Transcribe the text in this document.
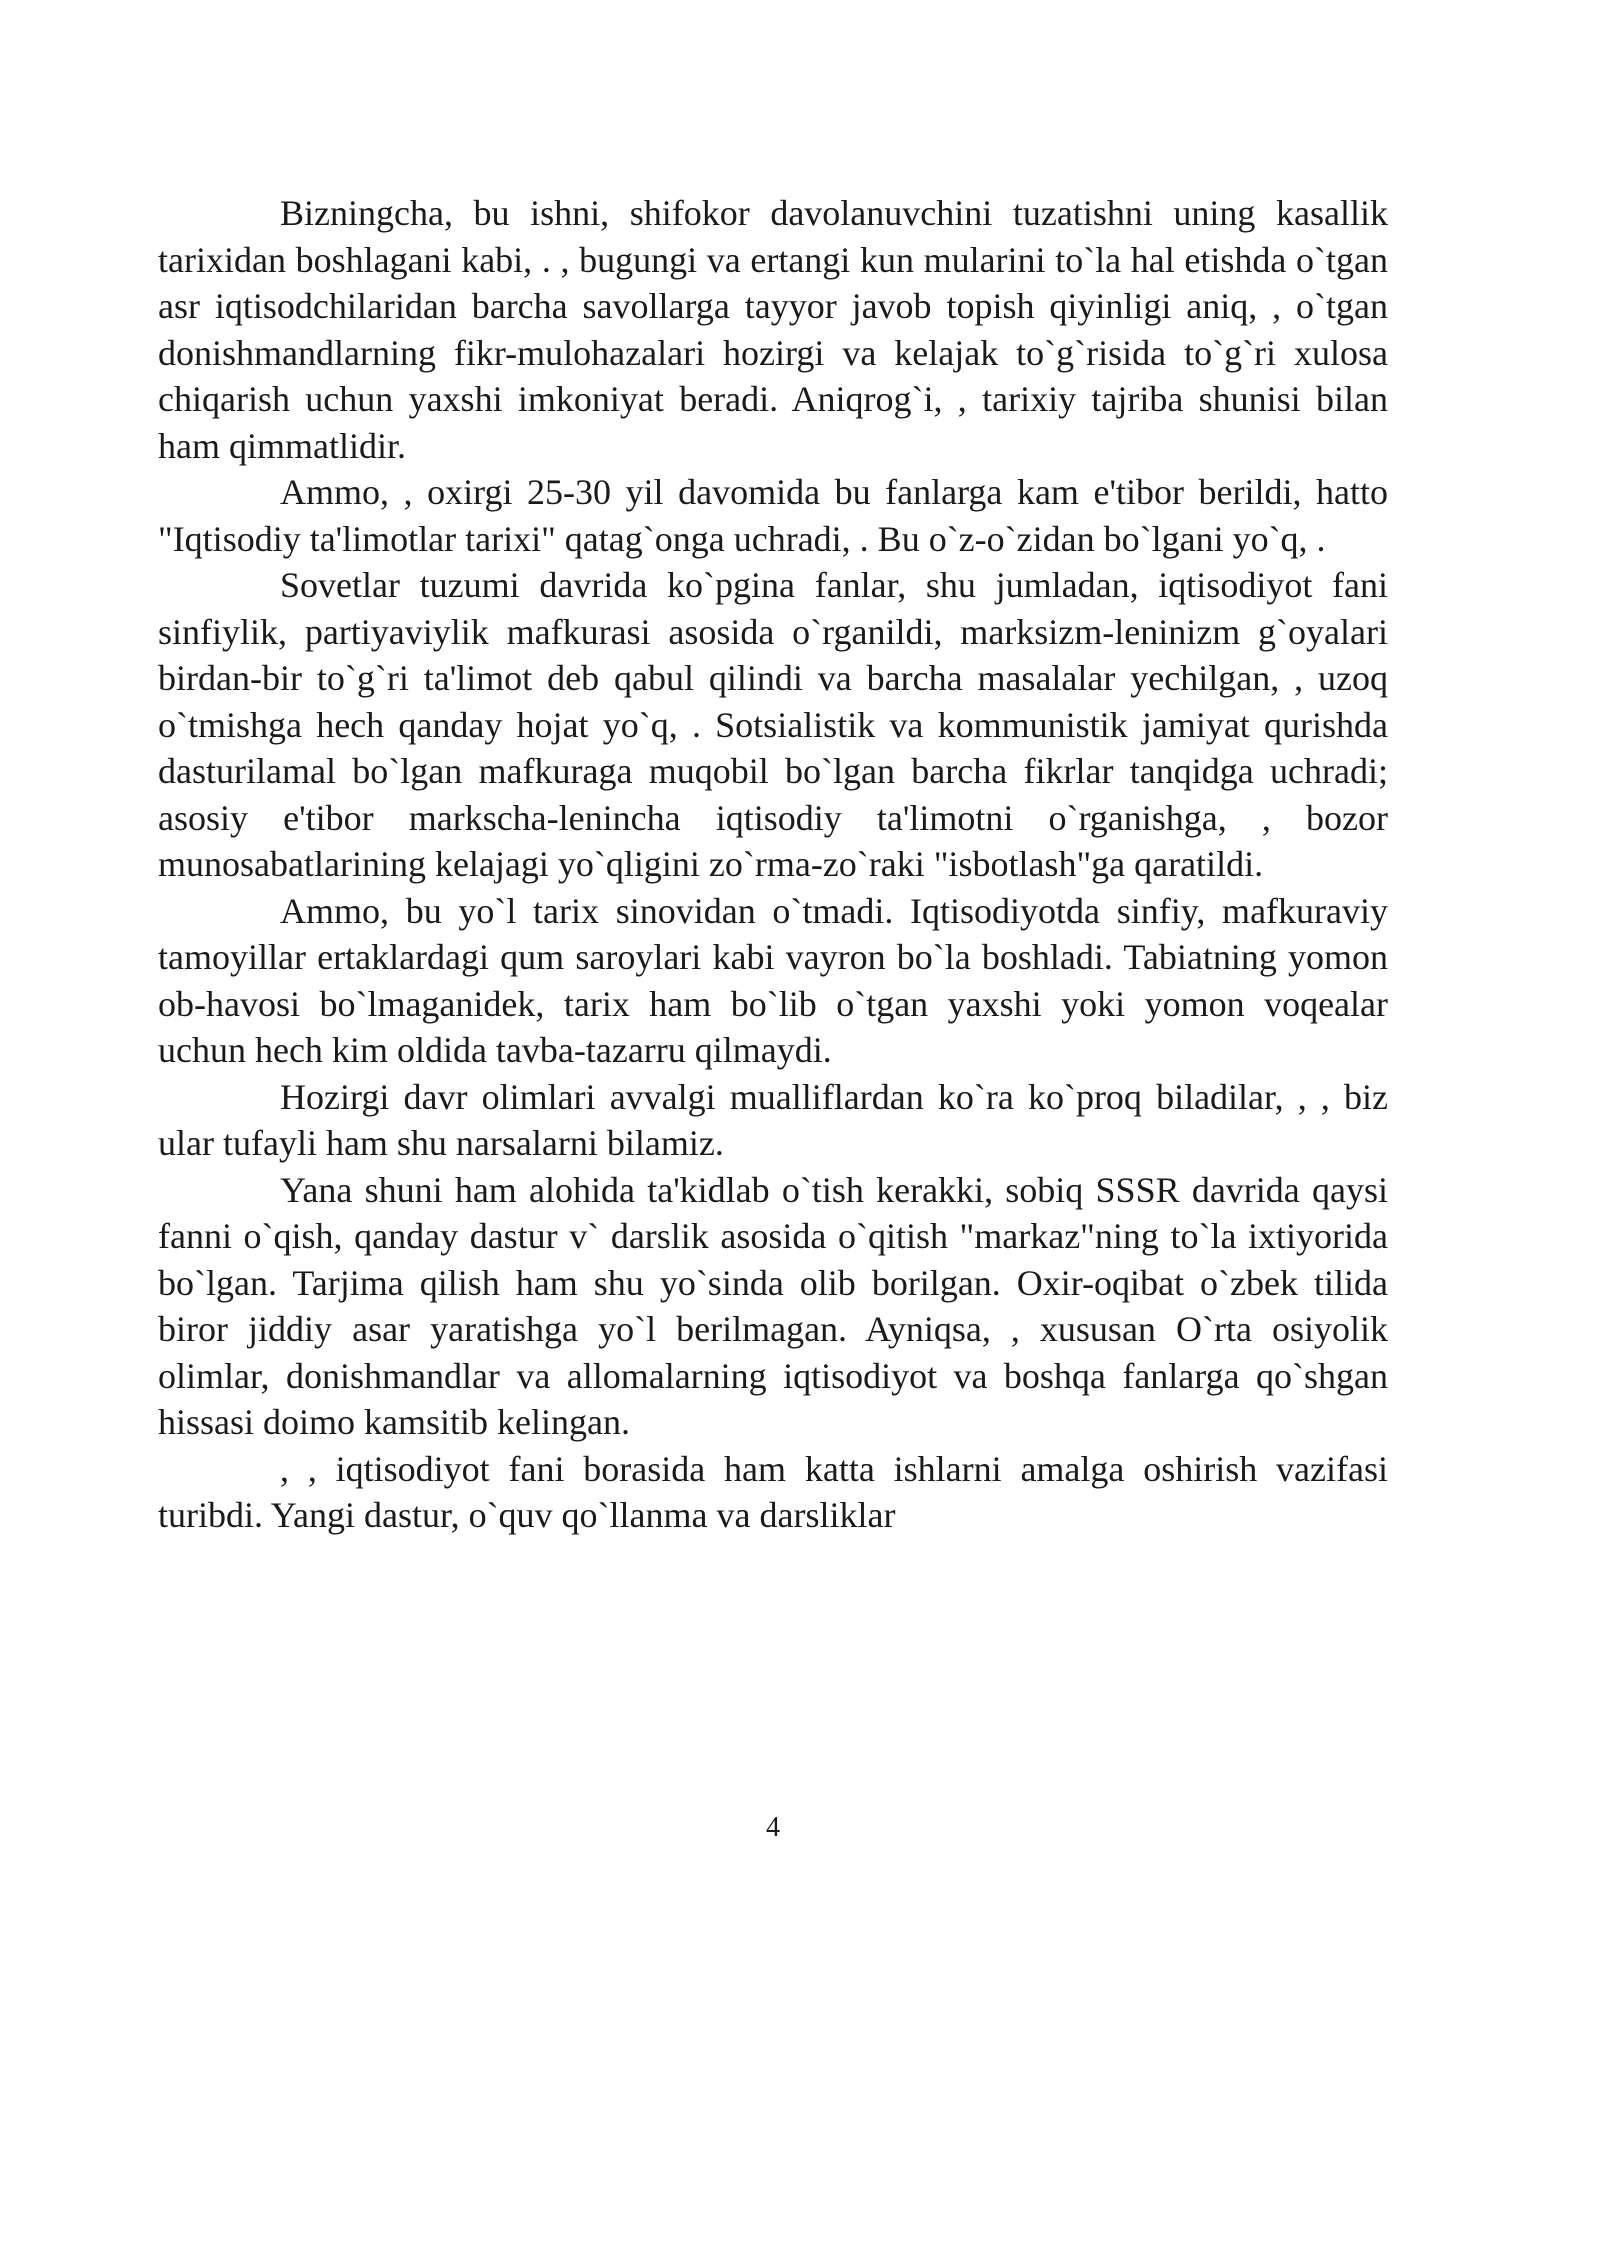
Bizningcha, bu ishni, shifokor davolanuvchini tuzatishni uning kasallik tarixidan boshlagani kabi, . , bugungi va ertangi kun mularini to`la hal etishda o`tgan asr iqtisodchilaridan barcha savollarga tayyor javob topish qiyinligi aniq, , o`tgan donishmandlarning fikr-mulohazalari hozirgi va kelajak to`g`risida to`g`ri xulosa chiqarish uchun yaxshi imkoniyat beradi. Aniqrog`i, , tarixiy tajriba shunisi bilan ham qimmatlidir.

Ammo, , oxirgi 25-30 yil davomida bu fanlarga kam e'tibor berildi, hatto "Iqtisodiy ta'limotlar tarixi" qatag`onga uchradi, . Bu o`z-o`zidan bo`lgani yo`q, .

Sovetlar tuzumi davrida ko`pgina fanlar, shu jumladan, iqtisodiyot fani sinfiylik, partiyaviylik mafkurasi asosida o`rganildi, marksizm-leninizm g`oyalari birdan-bir to`g`ri ta'limot deb qabul qilindi va barcha masalalar yechilgan, , uzoq o`tmishga hech qanday hojat yo`q, . Sotsialistik va kommunistik jamiyat qurishda dasturilamal bo`lgan mafkuraga muqobil bo`lgan barcha fikrlar tanqidga uchradi; asosiy e'tibor markscha-lenincha iqtisodiy ta'limotni o`rganishga, , bozor munosabatlarining kelajagi yo`qligini zo`rma-zo`raki "isbotlash"ga qaratildi.

Ammo, bu yo`l tarix sinovidan o`tmadi. Iqtisodiyotda sinfiy, mafkuraviy tamoyillar ertaklardagi qum saroylari kabi vayron bo`la boshladi. Tabiatning yomon ob-havosi bo`lmaganidek, tarix ham bo`lib o`tgan yaxshi yoki yomon voqealar uchun hech kim oldida tavba-tazarru qilmaydi.

Hozirgi davr olimlari avvalgi mualliflardan ko`ra ko`proq biladilar, , , biz ular tufayli ham shu narsalarni bilamiz.

Yana shuni ham alohida ta'kidlab o`tish kerakki, sobiq SSSR davrida qaysi fanni o`qish, qanday dastur v` darslik asosida o`qitish "markaz"ning to`la ixtiyorida bo`lgan. Tarjima qilish ham shu yo`sinda olib borilgan. Oxir-oqibat o`zbek tilida biror jiddiy asar yaratishga yo`l berilmagan. Ayniqsa, , xususan O`rta osiyolik olimlar, donishmandlar va allomalarning iqtisodiyot va boshqa fanlarga qo`shgan hissasi doimo kamsitib kelingan.

, , iqtisodiyot fani borasida ham katta ishlarni amalga oshirish vazifasi turibdi. Yangi dastur, o`quv qo`llanma va darsliklar

4
